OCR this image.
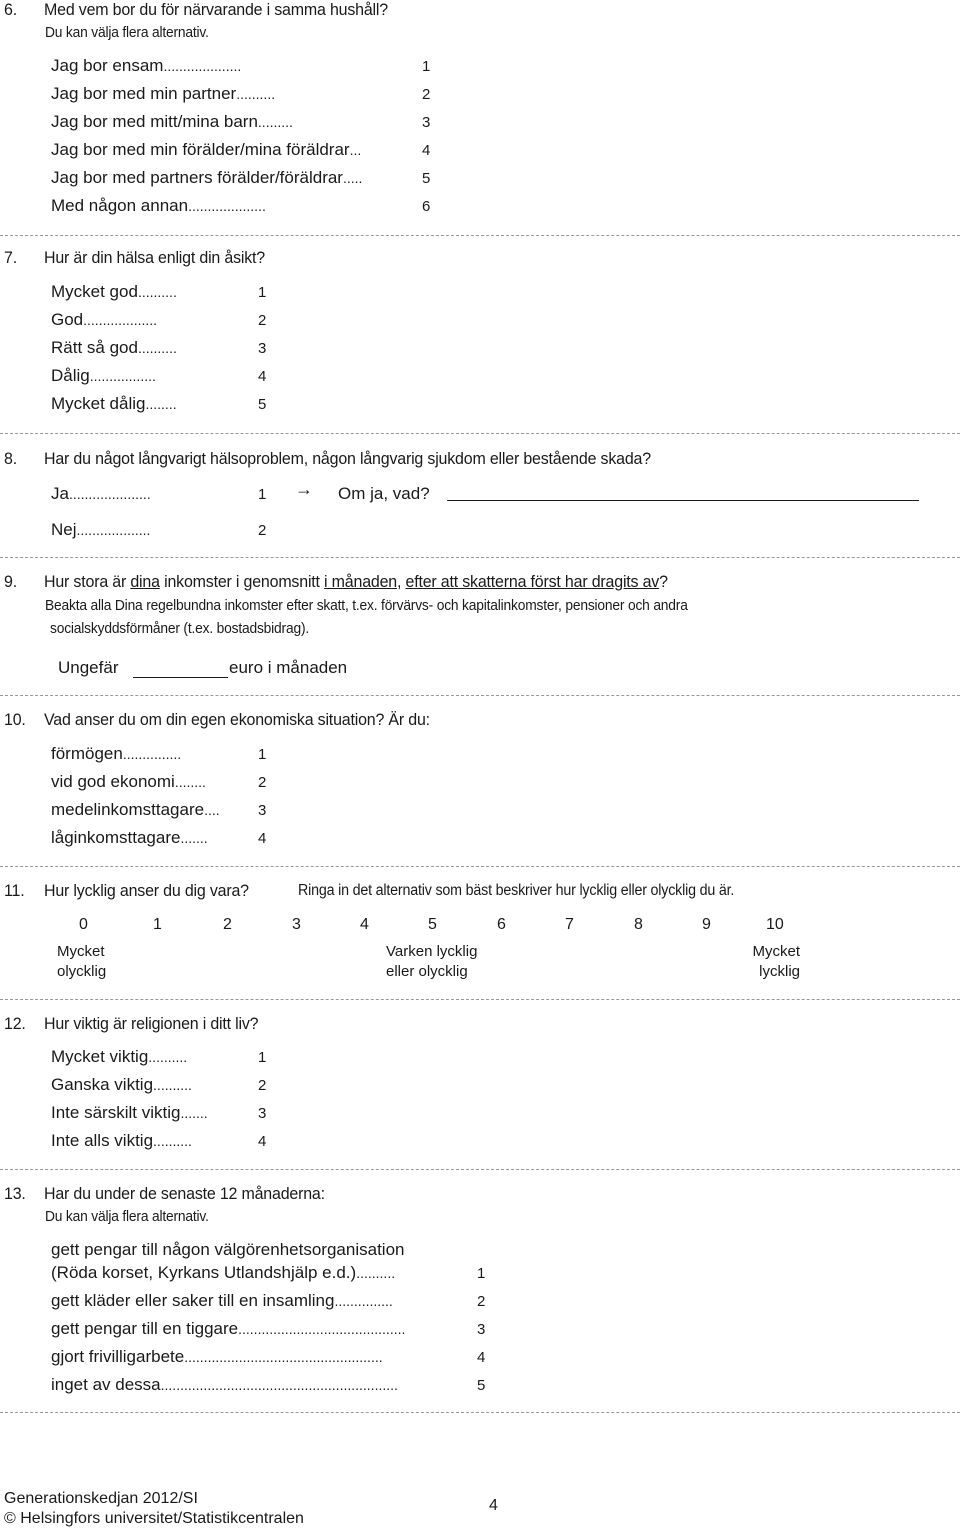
6. Med vem bor du för närvarande i samma hushåll?
Du kan välja flera alternativ.
Jag bor ensam ....................	1
Jag bor med min partner ..........	2
Jag bor med mitt/mina barn .........	3
Jag bor med min förälder/mina föräldrar ...	4
Jag bor med partners förälder/föräldrar .....	5
Med någon annan ....................	6
7. Hur är din hälsa enligt din åsikt?
Mycket god ..........	1
God ...................	2
Rätt så god ..........	3
Dålig .................	4
Mycket dålig ........	5
8. Har du något långvarigt hälsoproblem, någon långvarig sjukdom eller bestående skada?
Ja .....................	1 → Om ja, vad?
Nej ...................	2
9. Hur stora är dina inkomster i genomsnitt i månaden, efter att skatterna först har dragits av?
Beakta alla Dina regelbundna inkomster efter skatt, t.ex. förvärvs- och kapitalinkomster, pensioner och andra
socialskyddsförmåner (t.ex. bostadsbidrag).
Ungefär	euro i månaden
10. Vad anser du om din egen ekonomiska situation? Är du:
förmögen ...............	1
vid god ekonomi ........	2
medelinkomsttagare ....	3
låginkomsttagare .......	4
11. Hur lycklig anser du dig vara?	Ringa in det alternativ som bäst beskriver hur lycklig eller olycklig du är.
0	1	2	3	4	5	6	7	8	9	10
Mycket
olycklig
Varken lycklig
eller olycklig
Mycket
lycklig
12. Hur viktig är religionen i ditt liv?
Mycket viktig ..........	1
Ganska viktig ..........	2
Inte särskilt viktig .......	3
Inte alls viktig ..........	4
13. Har du under de senaste 12 månaderna:
Du kan välja flera alternativ.
gett pengar till någon välgörenhetsorganisation
(Röda korset, Kyrkans Utlandshjälp e.d.) ..........	1
gett kläder eller saker till en insamling ...............	2
gett pengar till en tiggare ...........................................	3
gjort frivilligarbete ...................................................	4
inget av dessa .............................................................	5
Generationskedjan 2012/SI
© Helsingfors universitet/Statistikcentralen
4
